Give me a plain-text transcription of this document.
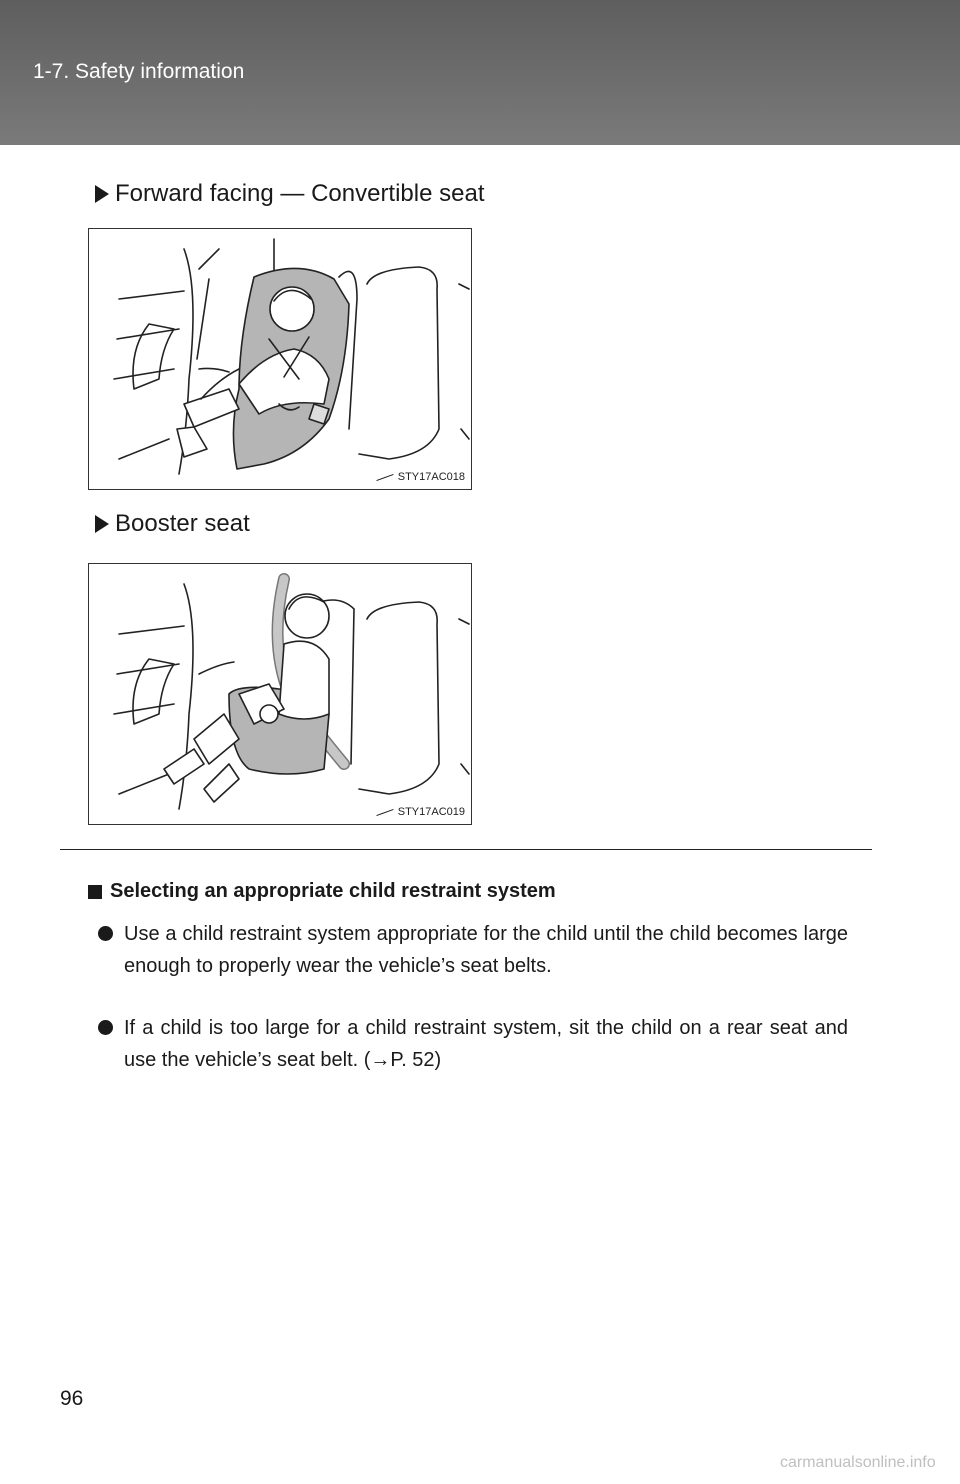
1-7. Safety information
Forward facing — Convertible seat
STY17AC018
Booster seat
STY17AC019
Selecting an appropriate child restraint system
Use a child restraint system appropriate for the child until the child becomes large enough to properly wear the vehicle’s seat belts.
If a child is too large for a child restraint system, sit the child on a rear seat and use the vehicle’s seat belt. (→P. 52)
96
carmanualsonline.info
